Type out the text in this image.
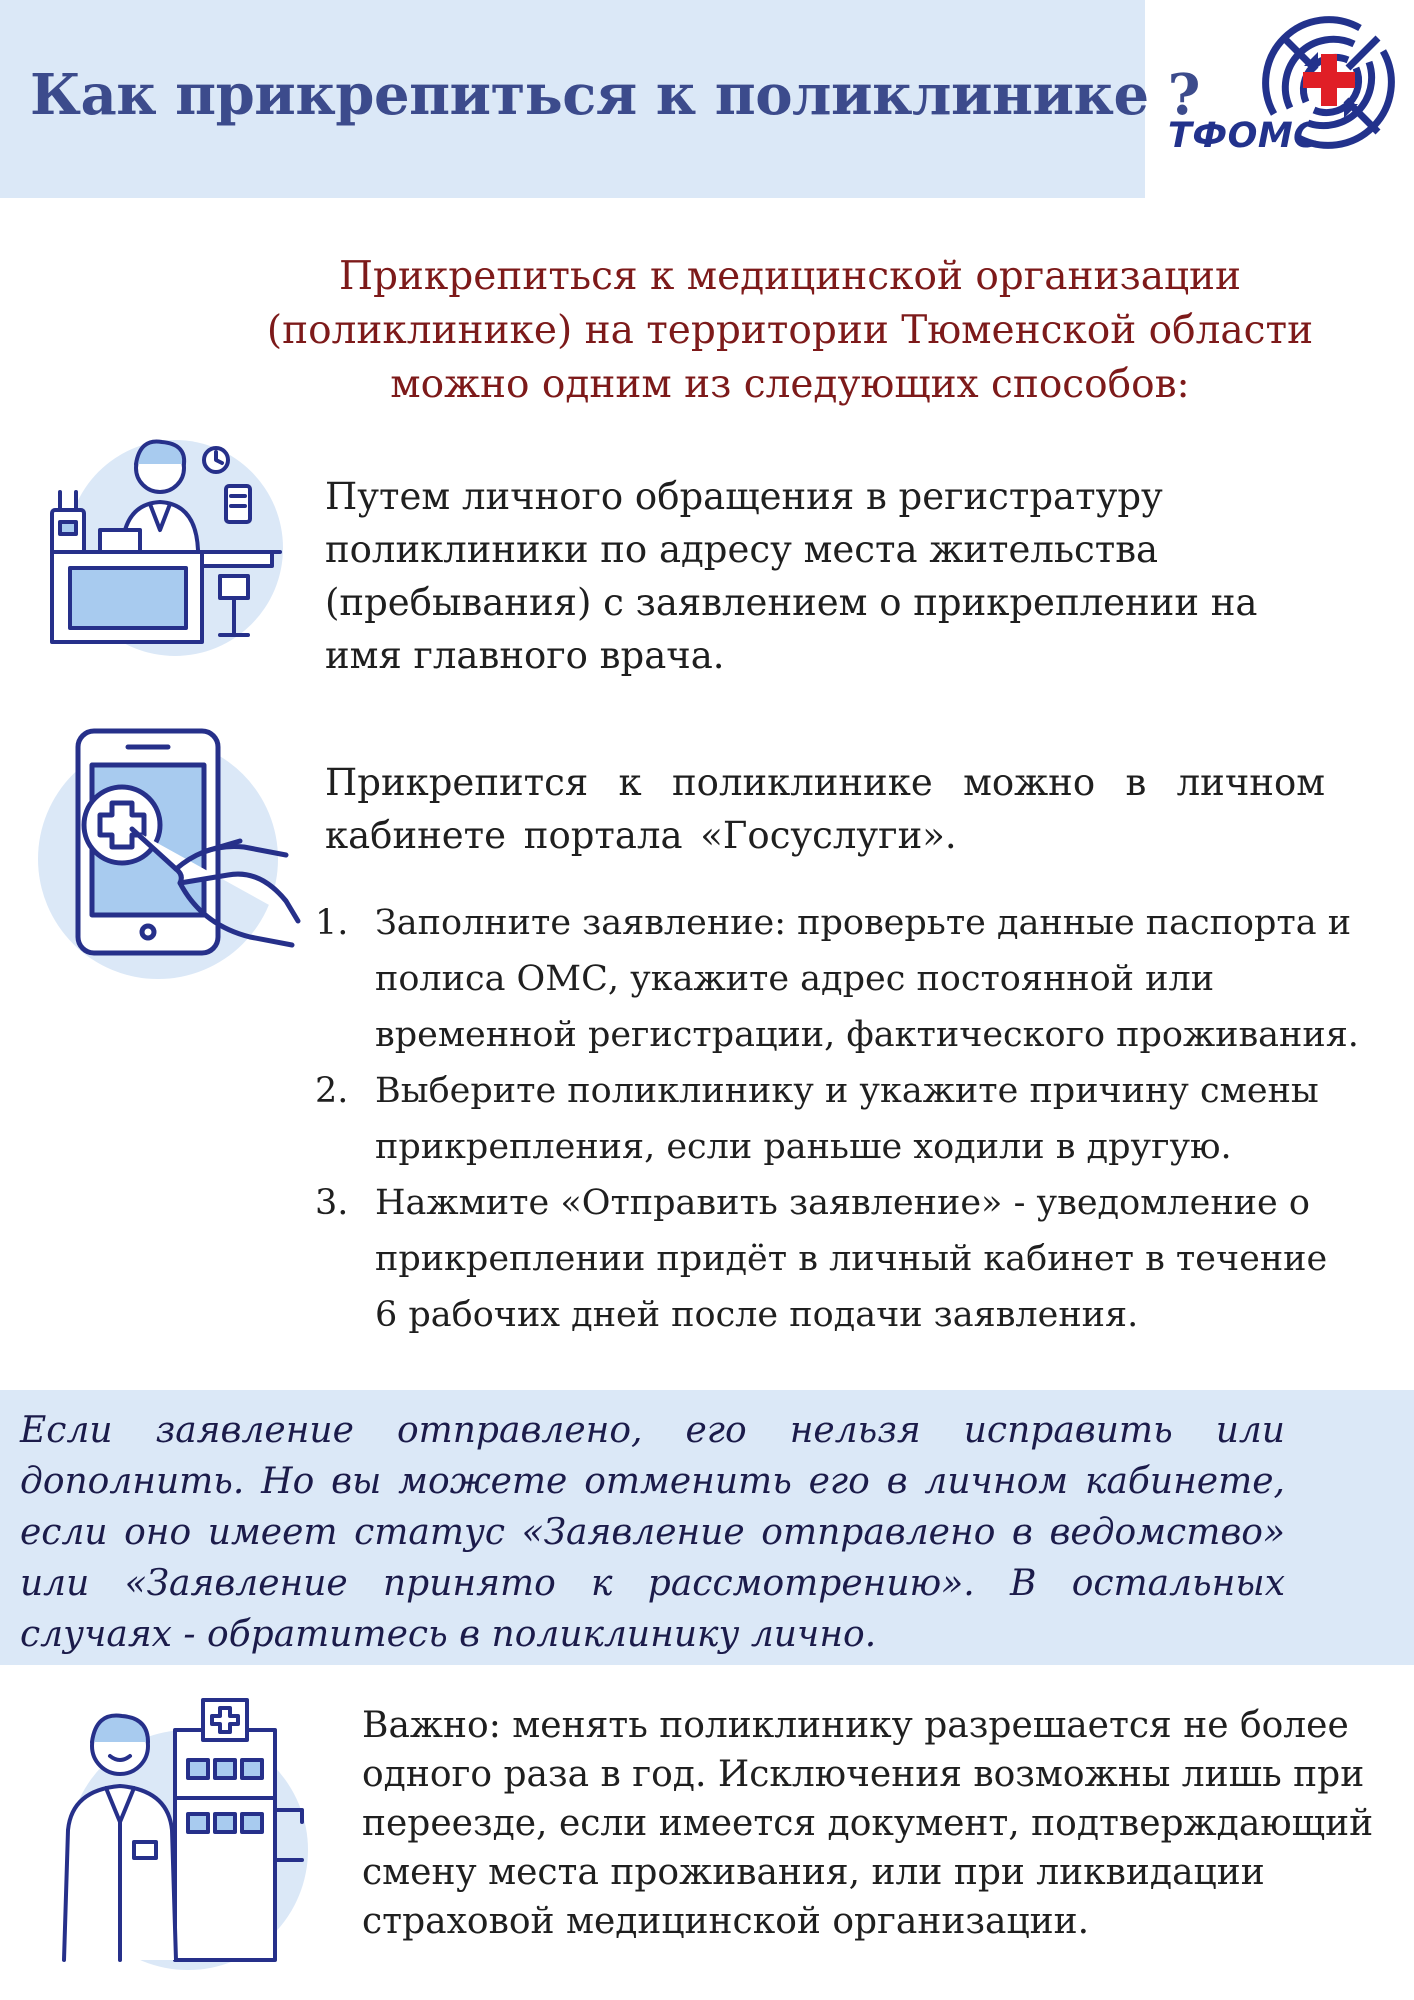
Как прикрепиться к поликлинике ?
ТФОМС
Прикрепиться к медицинской организации
(поликлинике) на территории Тюменской области
можно одним из следующих способов:
Путем личного обращения в регистратуру
поликлиники по адресу места жительства
(пребывания) с заявлением о прикреплении на
имя главного врача.
Прикрепится к поликлинике можно в личном кабинете портала «Госуслуги».
1. Заполните заявление: проверьте данные паспорта и
полиса ОМС, укажите адрес постоянной или
временной регистрации, фактического проживания.
2. Выберите поликлинику и укажите причину смены
прикрепления, если раньше ходили в другую.
3. Нажмите «Отправить заявление» - уведомление о
прикреплении придёт в личный кабинет в течение
6 рабочих дней после подачи заявления.

Если заявление отправлено, его нельзя исправить или дополнить. Но вы можете отменить его в личном кабинете, если оно имеет статус «Заявление отправлено в ведомство» или «Заявление принято к рассмотрению». В остальных случаях - обратитесь в поликлинику лично.

Важно: менять поликлинику разрешается не более
одного раза в год. Исключения возможны лишь при
переезде, если имеется документ, подтверждающий
смену места проживания, или при ликвидации
страховой медицинской организации.
